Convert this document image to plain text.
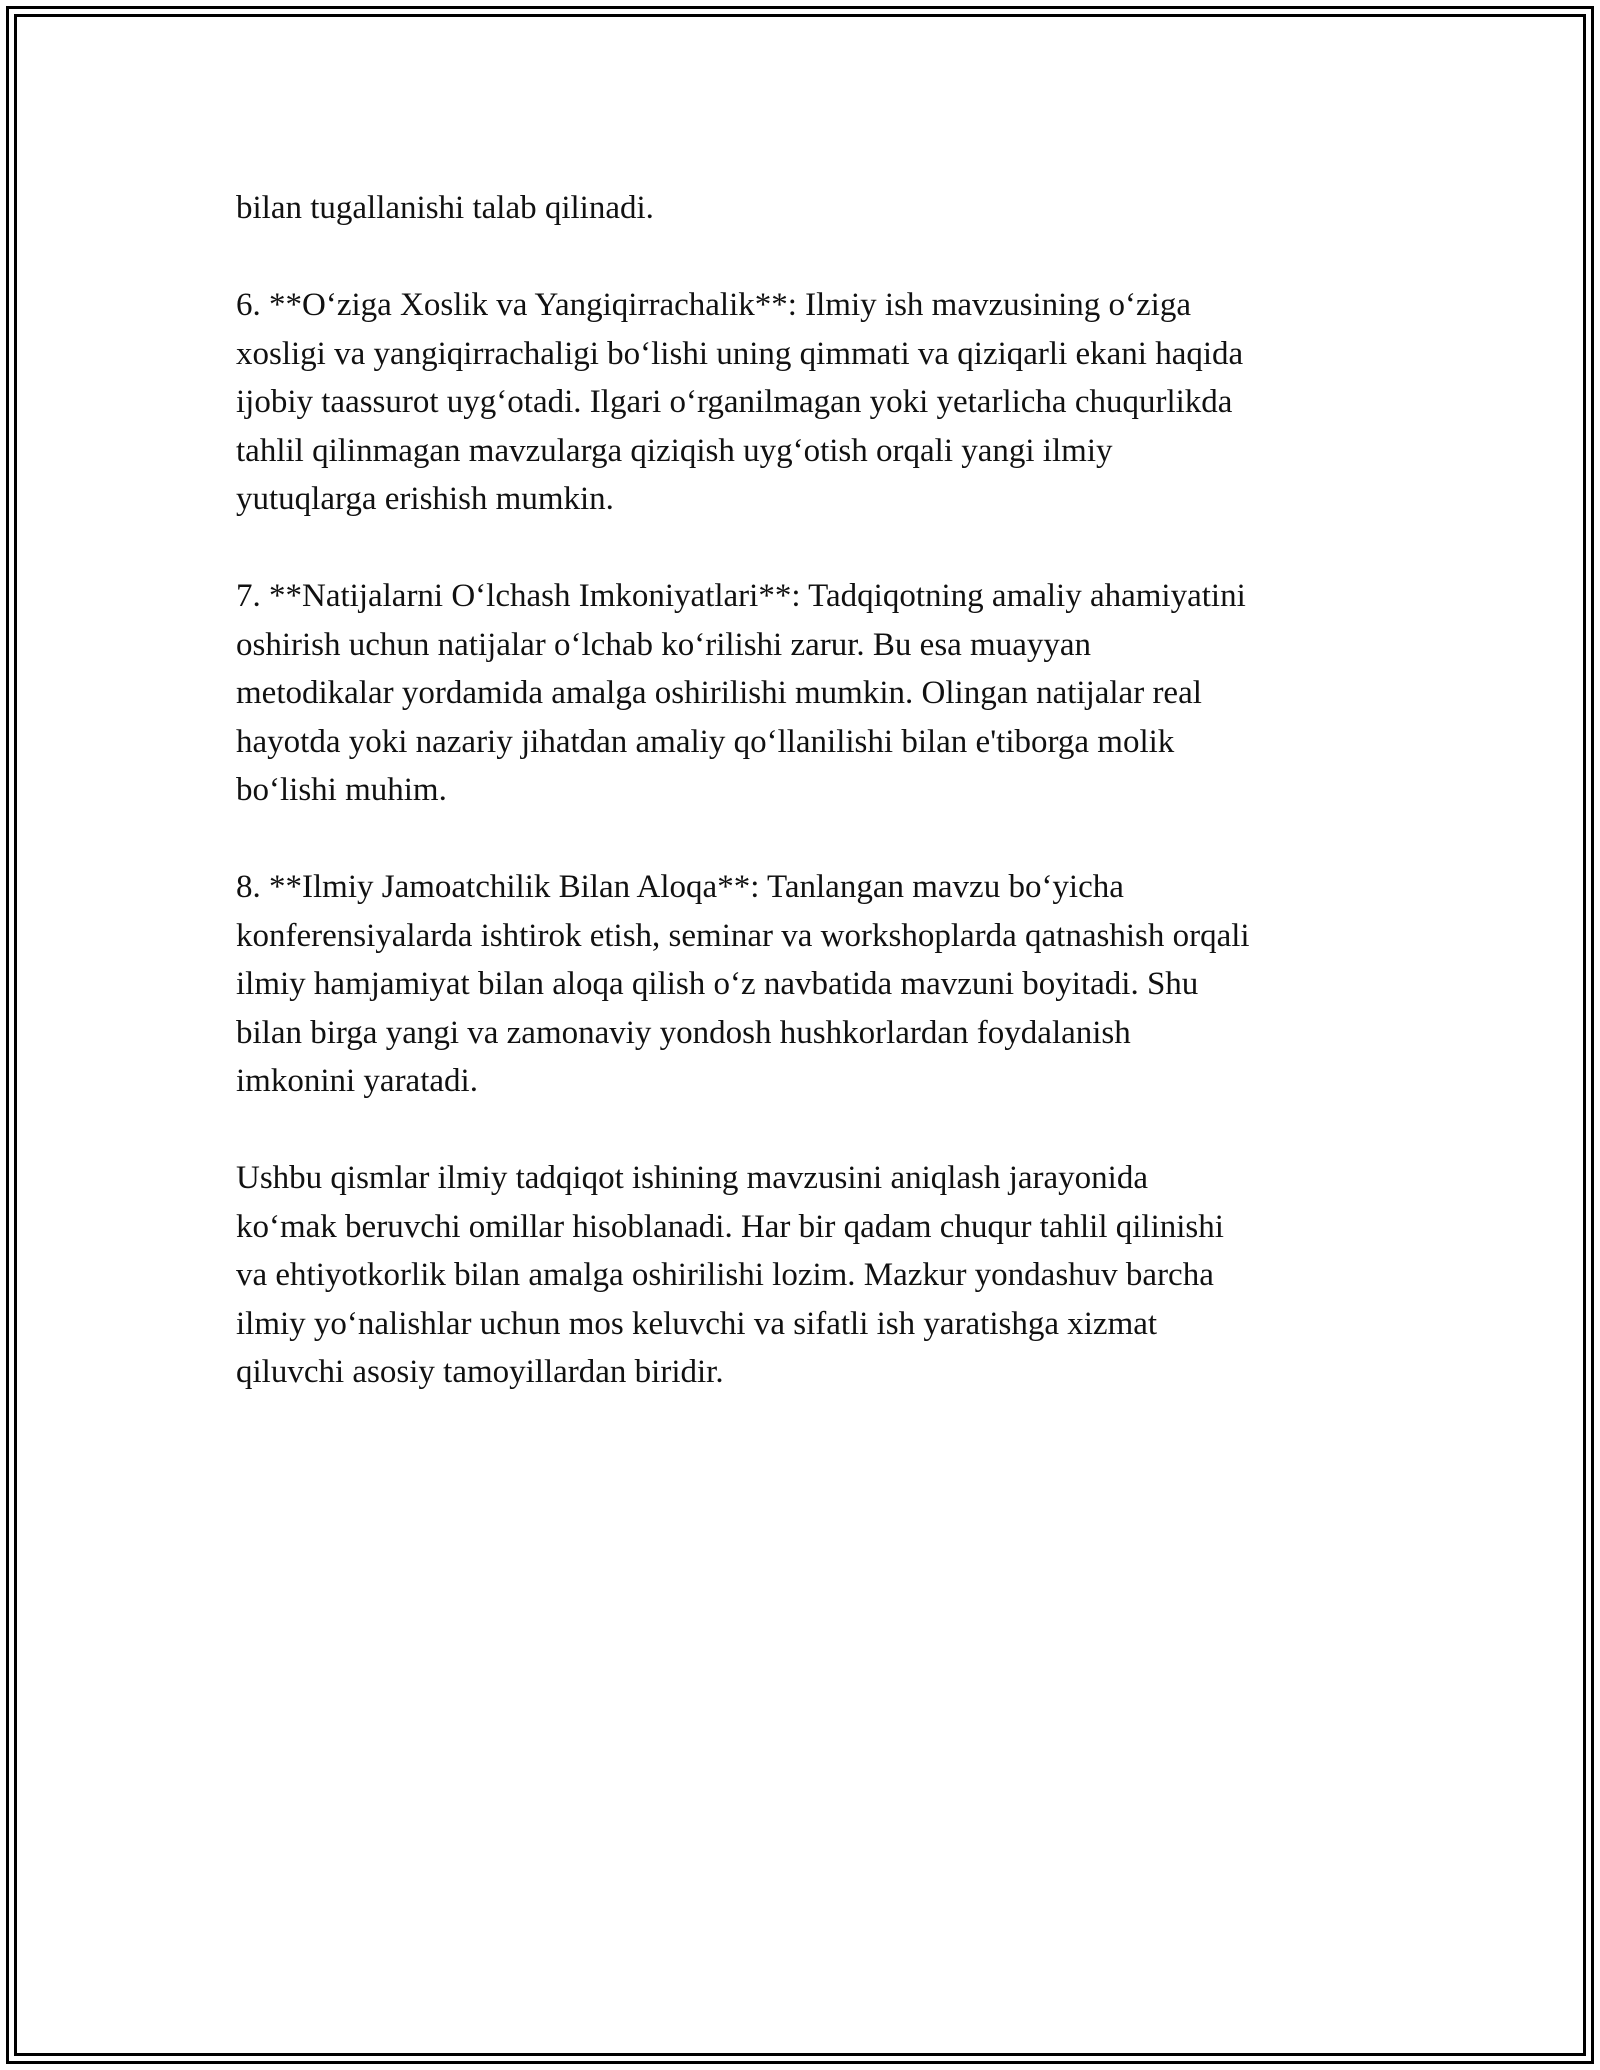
bilan tugallanishi talab qilinadi.

6. **Oʻziga Xoslik va Yangiqirrachalik**: Ilmiy ish mavzusining oʻziga
xosligi va yangiqirrachaligi boʻlishi uning qimmati va qiziqarli ekani haqida
ijobiy taassurot uygʻotadi. Ilgari oʻrganilmagan yoki yetarlicha chuqurlikda
tahlil qilinmagan mavzularga qiziqish uygʻotish orqali yangi ilmiy
yutuqlarga erishish mumkin.

7. **Natijalarni Oʻlchash Imkoniyatlari**: Tadqiqotning amaliy ahamiyatini
oshirish uchun natijalar oʻlchab koʻrilishi zarur. Bu esa muayyan
metodikalar yordamida amalga oshirilishi mumkin. Olingan natijalar real
hayotda yoki nazariy jihatdan amaliy qoʻllanilishi bilan e'tiborga molik
boʻlishi muhim.

8. **Ilmiy Jamoatchilik Bilan Aloqa**: Tanlangan mavzu boʻyicha
konferensiyalarda ishtirok etish, seminar va workshoplarda qatnashish orqali
ilmiy hamjamiyat bilan aloqa qilish oʻz navbatida mavzuni boyitadi. Shu
bilan birga yangi va zamonaviy yondosh hushkorlardan foydalanish
imkonini yaratadi.

Ushbu qismlar ilmiy tadqiqot ishining mavzusini aniqlash jarayonida
koʻmak beruvchi omillar hisoblanadi. Har bir qadam chuqur tahlil qilinishi
va ehtiyotkorlik bilan amalga oshirilishi lozim. Mazkur yondashuv barcha
ilmiy yoʻnalishlar uchun mos keluvchi va sifatli ish yaratishga xizmat
qiluvchi asosiy tamoyillardan biridir.
